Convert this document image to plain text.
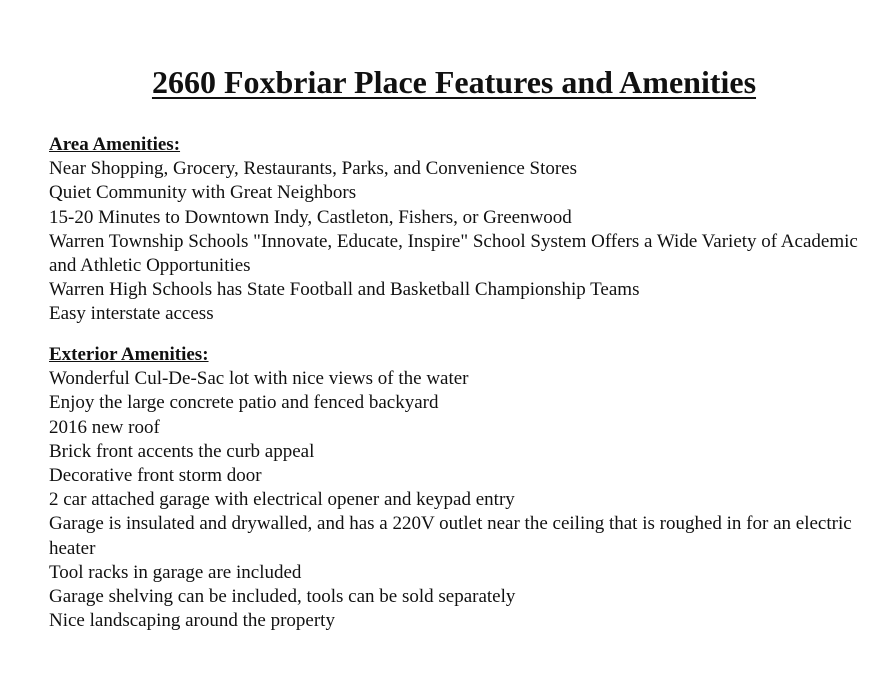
2660 Foxbriar Place Features and Amenities
Area Amenities:
Near Shopping, Grocery, Restaurants, Parks, and Convenience Stores
Quiet Community with Great Neighbors
15-20 Minutes to Downtown Indy, Castleton, Fishers, or Greenwood
Warren Township Schools "Innovate, Educate, Inspire" School System Offers a Wide Variety of Academic and Athletic Opportunities
Warren High Schools has State Football and Basketball Championship Teams
Easy interstate access
Exterior Amenities:
Wonderful Cul-De-Sac lot with nice views of the water
Enjoy the large concrete patio and fenced backyard
2016 new roof
Brick front accents the curb appeal
Decorative front storm door
2 car attached garage with electrical opener and keypad entry
Garage is insulated and drywalled, and has a 220V outlet near the ceiling that is roughed in for an electric heater
Tool racks in garage are included
Garage shelving can be included, tools can be sold separately
Nice landscaping around the property
